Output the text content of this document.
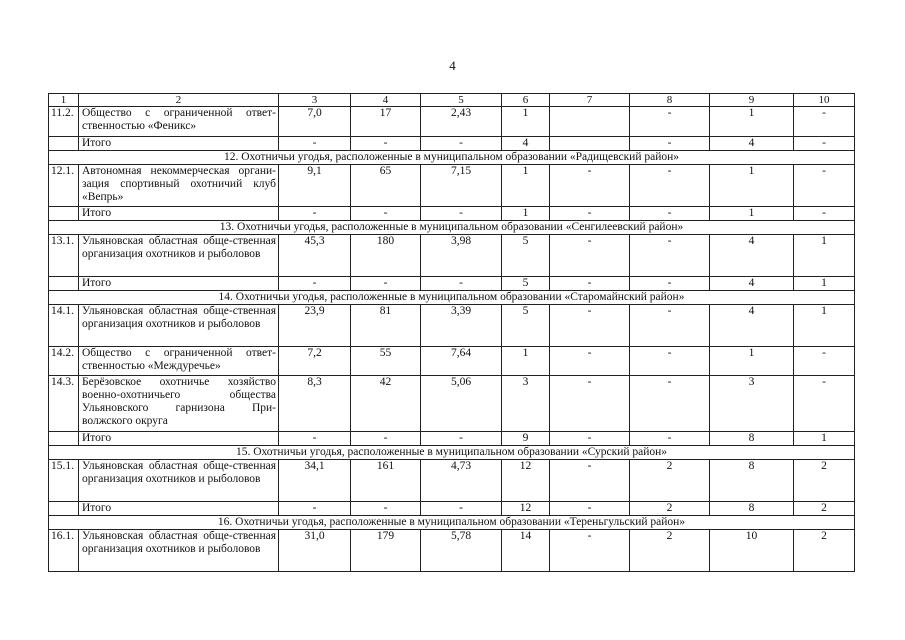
4
1	2	3	4	5	6	7	8	9	10
11.2.	Общество с ограниченной ответ-ственностью «Феникс»	7,0	17	2,43	1		-	1	-
	Итого	-	-	-	4		-	4	-
12. Охотничьи угодья, расположенные в муниципальном образовании «Радищевский район»									
12.1.	Автономная некоммерческая органи-зация спортивный охотничий клуб «Вепрь»	9,1	65	7,15	1	-	-	1	-
	Итого	-	-	-	1	-	-	1	-
13. Охотничьи угодья, расположенные в муниципальном образовании «Сенгилеевский район»									
13.1.	Ульяновская областная обще-ственная организация охотников и рыболовов	45,3	180	3,98	5	-	-	4	1
	Итого	-	-	-	5	-	-	4	1
14. Охотничьи угодья, расположенные в муниципальном образовании «Старомайнский район»									
14.1.	Ульяновская областная обще-ственная организация охотников и рыболовов	23,9	81	3,39	5	-	-	4	1
14.2.	Общество с ограниченной ответ-ственностью «Междуречье»	7,2	55	7,64	1	-	-	1	-
14.3.	Берёзовское охотничье хозяйство военно-охотничьего общества Ульяновского гарнизона При-волжского округа	8,3	42	5,06	3	-	-	3	-
	Итого	-	-	-	9	-	-	8	1
15. Охотничьи угодья, расположенные в муниципальном образовании «Сурский район»									
15.1.	Ульяновская областная обще-ственная организация охотников и рыболовов	34,1	161	4,73	12	-	2	8	2
	Итого	-	-	-	12	-	2	8	2
16. Охотничьи угодья, расположенные в муниципальном образовании «Тереньгульский район»									
16.1.	Ульяновская областная обще-ственная организация охотников и рыболовов	31,0	179	5,78	14	-	2	10	2
